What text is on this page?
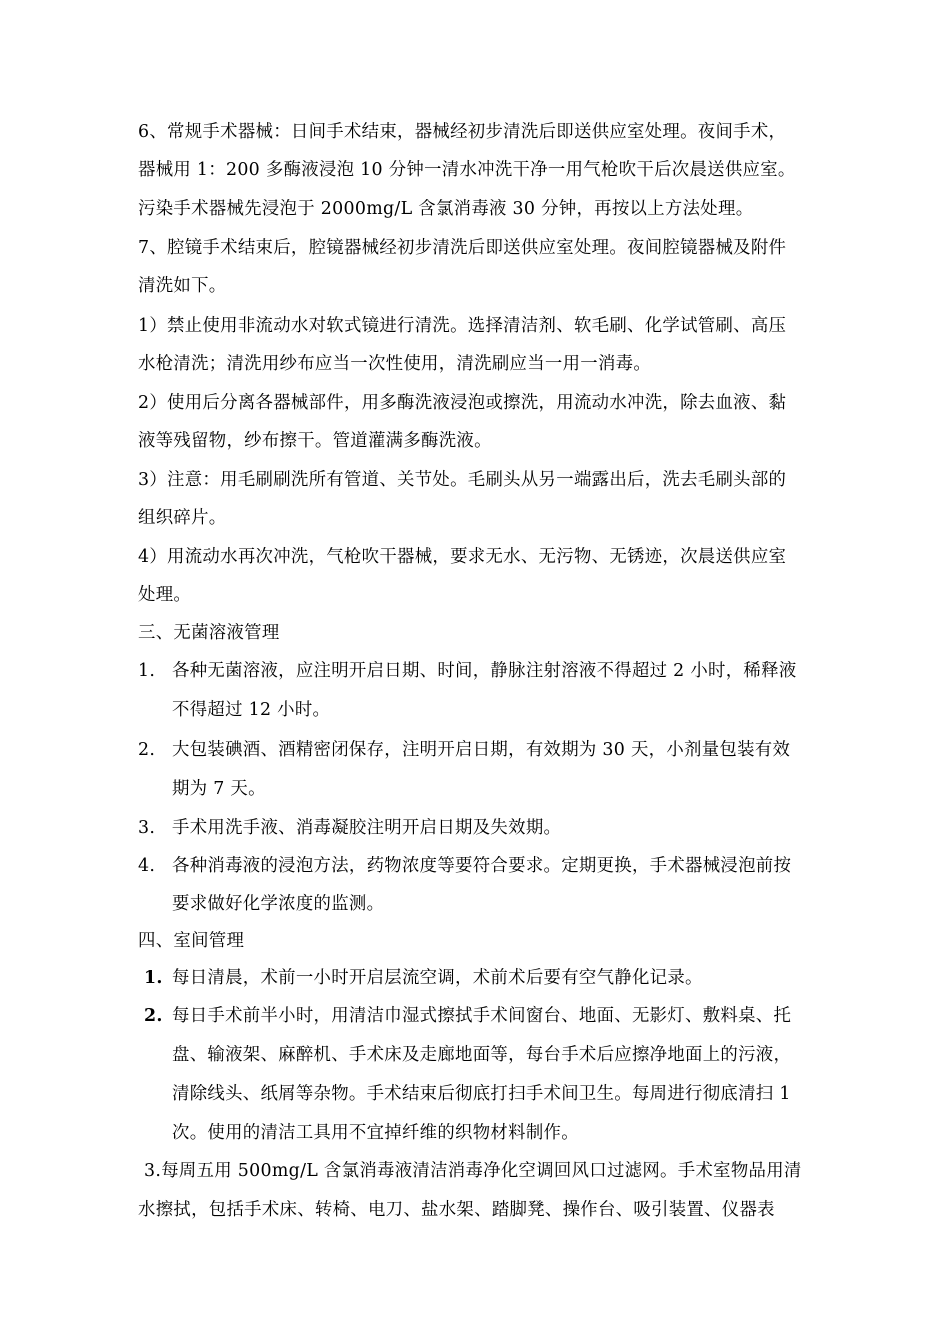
6、常规手术器械：日间手术结束，器械经初步清洗后即送供应室处理。夜间手术，
器械用 1：200 多酶液浸泡 10 分钟一清水冲洗干净一用气枪吹干后次晨送供应室。
污染手术器械先浸泡于 2000mg/L 含氯消毒液 30 分钟，再按以上方法处理。
7、腔镜手术结束后，腔镜器械经初步清洗后即送供应室处理。夜间腔镜器械及附件
清洗如下。
1）禁止使用非流动水对软式镜进行清洗。选择清洁剂、软毛刷、化学试管刷、高压
水枪清洗；清洗用纱布应当一次性使用，清洗刷应当一用一消毒。
2）使用后分离各器械部件，用多酶洗液浸泡或擦洗，用流动水冲洗，除去血液、黏
液等残留物，纱布擦干。管道灌满多酶洗液。
3）注意：用毛刷刷洗所有管道、关节处。毛刷头从另一端露出后，洗去毛刷头部的
组织碎片。
4）用流动水再次冲洗，气枪吹干器械，要求无水、无污物、无锈迹，次晨送供应室
处理。
三、无菌溶液管理
1. 各种无菌溶液，应注明开启日期、时间，静脉注射溶液不得超过 2 小时，稀释液
不得超过 12 小时。
2. 大包装碘酒、酒精密闭保存，注明开启日期，有效期为 30 天，小剂量包装有效
期为 7 天。
3. 手术用洗手液、消毒凝胶注明开启日期及失效期。
4. 各种消毒液的浸泡方法，药物浓度等要符合要求。定期更换，手术器械浸泡前按
要求做好化学浓度的监测。
四、室间管理
1. 每日清晨，术前一小时开启层流空调，术前术后要有空气静化记录。
2. 每日手术前半小时，用清洁巾湿式擦拭手术间窗台、地面、无影灯、敷料桌、托
盘、输液架、麻醉机、手术床及走廊地面等，每台手术后应擦净地面上的污液，
清除线头、纸屑等杂物。手术结束后彻底打扫手术间卫生。每周进行彻底清扫 1
次。使用的清洁工具用不宜掉纤维的织物材料制作。
3.每周五用 500mg/L 含氯消毒液清洁消毒净化空调回风口过滤网。手术室物品用清
水擦拭，包括手术床、转椅、电刀、盐水架、踏脚凳、操作台、吸引装置、仪器表
